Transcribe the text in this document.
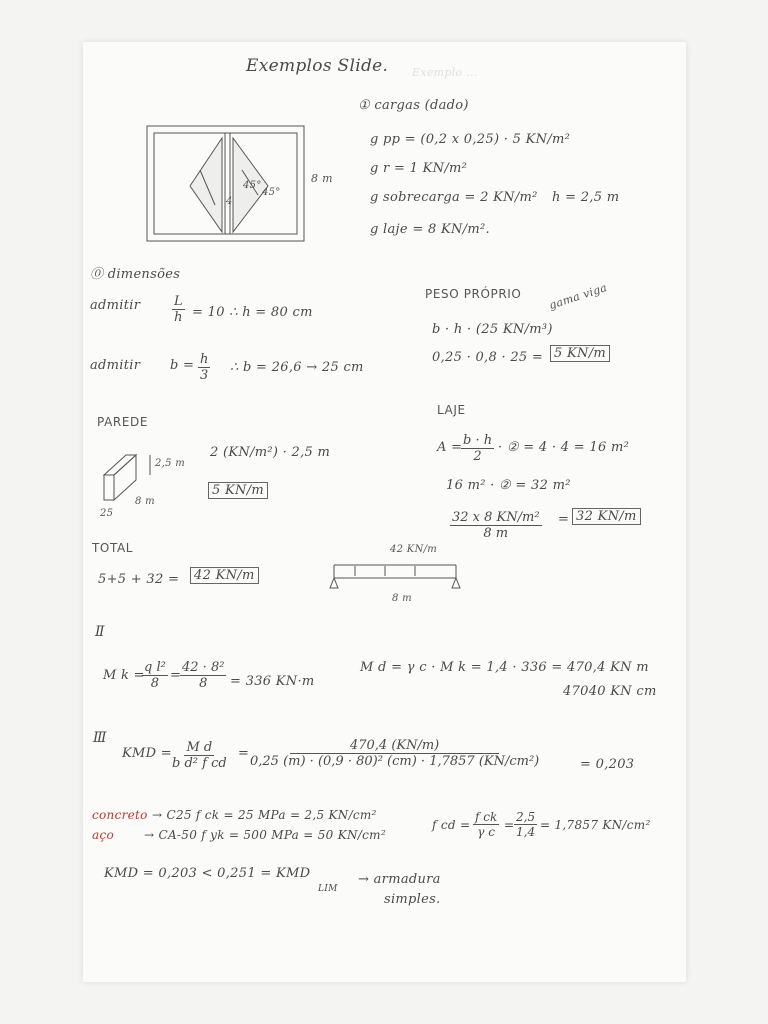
Exemplos Slide. Exemplo ...
45°
45°
4
8 m
① cargas (dado)
g pp = (0,2 x 0,25) · 5 KN/m²
g r = 1 KN/m²
g sobrecarga = 2 KN/m² h = 2,5 m
g laje = 8 KN/m².
⓪ dimensões
admitir $\frac{L}{h} = 10$ ∴ h = 80 cm
admitir $b = \frac{h}{3}$ ∴ b = 26,6 → 25 cm
PESO PRÓPRIO gama viga
b · h · (25 KN/m³)
0,25 · 0,8 · 25 = 5 KN/m
PAREDE
2,5 m
8 m
25
2 (KN/m²) · 2,5 m
5 KN/m
LAJE
A =
$\frac{b \cdot h}{2}$ · ② = 4 · 4 = 16 m²
16 m² · ② = 32 m²
$\frac{\text{32 x 8 KN/m²}}{8 m} = 32$ KN/m
TOTAL
5+5 + 32 =	42 KN/m
42 KN/m
8 m
Ⅱ
M k =
$\frac{\text{q l²}}{8}$ =
$\frac{\text{42 · 8²}}{8} = 336$ KN·m
M d = γ c · M k = 1,4 · 336 = 470,4 KN m
47040 KN cm
Ⅲ
KMD = $\frac{\text{M d}}{\text{b d² f cd}} = \frac{470,4 (KN/m)}{\text{0,25 (m) · (0,9 · 80)² (cm) · 1,7857 (KN/cm²)}}$	= 0,203
concreto
aço
→ C25 f ck = 25 MPa = 2,5 KN/cm²
→ CA-50 f yk = 500 MPa = 50 KN/cm²
f cd = $\frac{\text{f ck}}{\text{γ c}} = \frac{2,5}{1,4} = 1,7857$ KN/cm²
KMD = 0,203 < 0,251 = KMD
LIM
→ armadura
simples.
